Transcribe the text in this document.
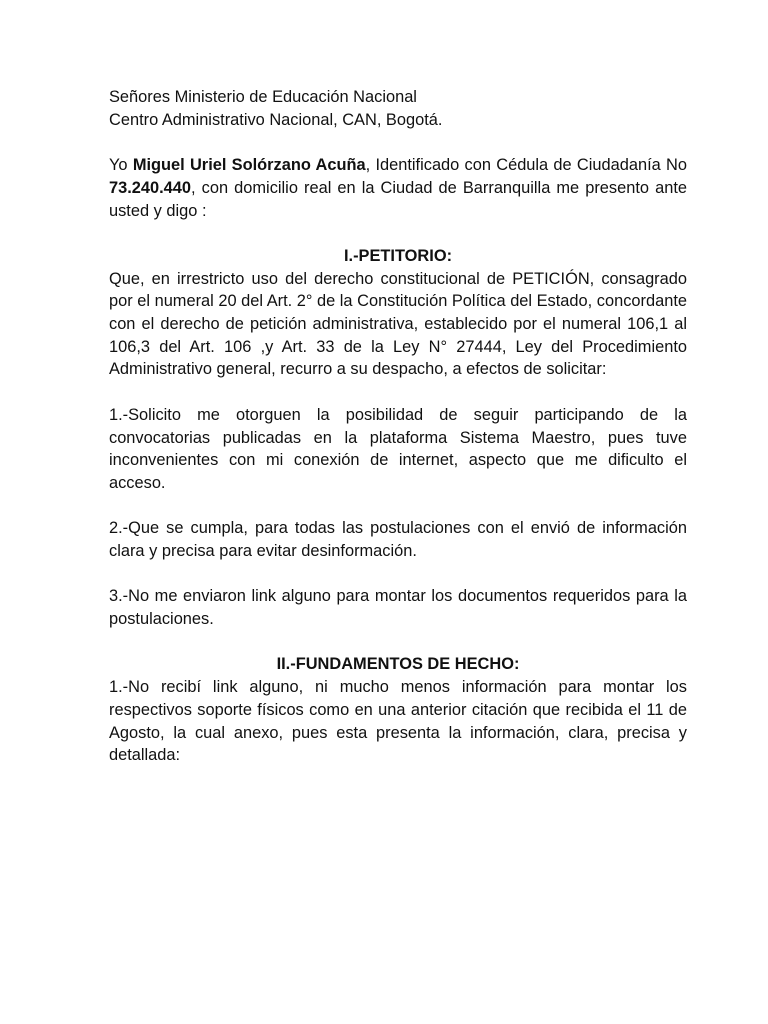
Señores Ministerio de Educación Nacional
Centro Administrativo Nacional, CAN, Bogotá.

Yo Miguel Uriel Solórzano Acuña, Identificado con Cédula de Ciudadanía No 73.240.440, con domicilio real en la Ciudad de Barranquilla me presento ante usted y digo :

I.-PETITORIO:

Que, en irrestricto uso del derecho constitucional de PETICIÓN, consagrado por el numeral 20 del Art. 2° de la Constitución Política del Estado, concordante con el derecho de petición administrativa, establecido por el numeral 106,1 al 106,3 del Art. 106 ,y Art. 33 de la Ley N° 27444, Ley del Procedimiento Administrativo general, recurro a su despacho, a efectos de solicitar:

1.-Solicito me otorguen la posibilidad de seguir participando de la convocatorias publicadas en la plataforma Sistema Maestro, pues tuve inconvenientes con mi conexión de internet, aspecto que me dificulto el acceso.

2.-Que se cumpla, para todas las postulaciones con el envió de información clara y precisa para evitar desinformación.

3.-No me enviaron link alguno para montar los documentos requeridos para la postulaciones.

II.-FUNDAMENTOS DE HECHO:

1.-No recibí link alguno, ni mucho menos información para montar los respectivos soporte físicos como en una anterior citación que recibida el 11 de Agosto, la cual anexo, pues esta presenta la información, clara, precisa y detallada:
